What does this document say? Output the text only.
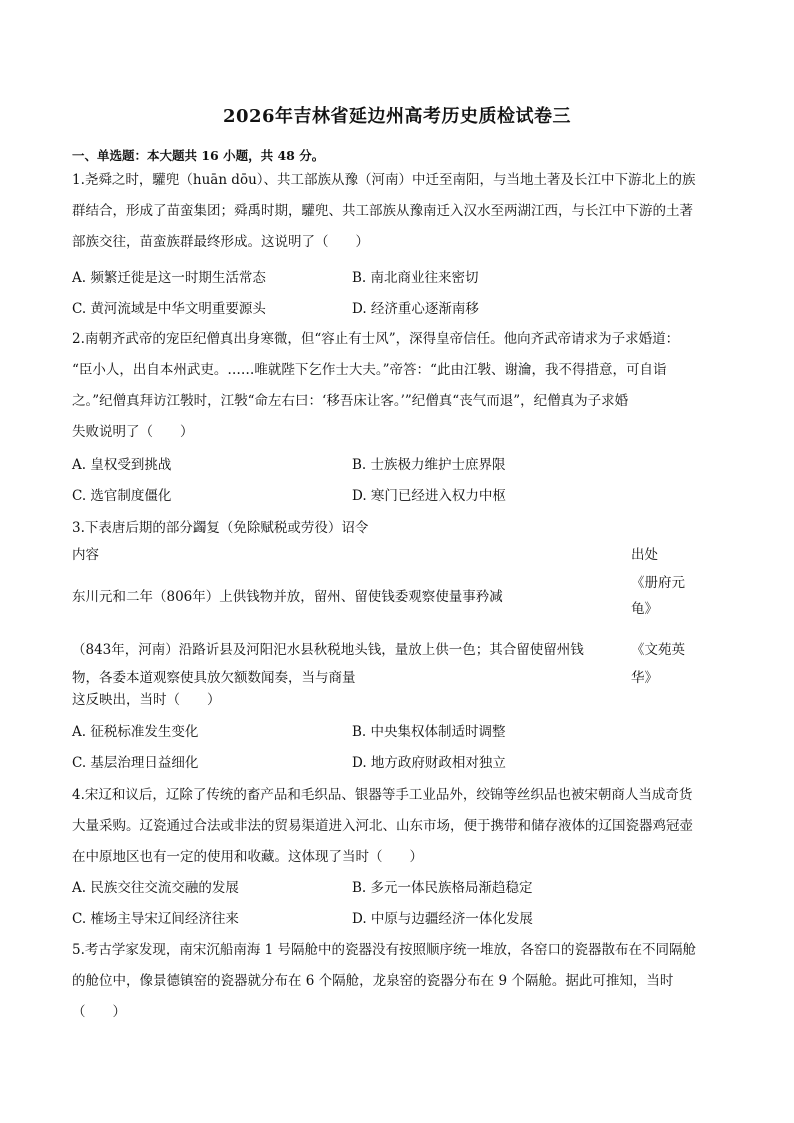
2026年吉林省延边州高考历史质检试卷三
一、单选题：本大题共 16 小题，共 48 分。
1.尧舜之时，驩兜（huān dōu）、共工部族从豫（河南）中迁至南阳，与当地土著及长江中下游北上的族
群结合，形成了苗蛮集团；舜禹时期，驩兜、共工部族从豫南迁入汉水至两湖江西，与长江中下游的土著
部族交往，苗蛮族群最终形成。这说明了（　　）
A. 频繁迁徙是这一时期生活常态	B. 南北商业往来密切
C. 黄河流域是中华文明重要源头	D. 经济重心逐渐南移
2.南朝齐武帝的宠臣纪僧真出身寒微，但“容止有士风”，深得皇帝信任。他向齐武帝请求为子求婚道：
“臣小人，出自本州武吏。……唯就陛下乞作士大夫。”帝答：“此由江斅、谢瀹，我不得措意，可自诣
之。”纪僧真拜访江斅时，江斅“命左右曰：‘移吾床让客。’”纪僧真“丧气而退”，纪僧真为子求婚
失败说明了（　　）
A. 皇权受到挑战	B. 士族极力维护士庶界限
C. 选官制度僵化	D. 寒门已经进入权力中枢
3.下表唐后期的部分蠲复（免除赋税或劳役）诏令
内容	出处
东川元和二年（806年）上供钱物并放，留州、留使钱委观察使量事矜减
《册府元
龟》
（843年，河南）沿路䜣县及河阳汜水县秋税地头钱，量放上供一色；其合留使留州钱
物，各委本道观察使具放欠额数闻奏，当与商量
《文苑英
华》
这反映出，当时（　　）
A. 征税标准发生变化	B. 中央集权体制适时调整
C. 基层治理日益细化	D. 地方政府财政相对独立
4.宋辽和议后，辽除了传统的畜产品和毛织品、银器等手工业品外，绞锦等丝织品也被宋朝商人当成奇货
大量采购。辽瓷通过合法或非法的贸易渠道进入河北、山东市场，便于携带和储存液体的辽国瓷器鸡冠壶
在中原地区也有一定的使用和收藏。这体现了当时（　　）
A. 民族交往交流交融的发展	B. 多元一体民族格局渐趋稳定
C. 榷场主导宋辽间经济往来	D. 中原与边疆经济一体化发展
5.考古学家发现，南宋沉船南海 1 号隔舱中的瓷器没有按照顺序统一堆放，各窑口的瓷器散布在不同隔舱
的舱位中，像景德镇窑的瓷器就分布在 6 个隔舱，龙泉窑的瓷器分布在 9 个隔舱。据此可推知，当时
（　　）
